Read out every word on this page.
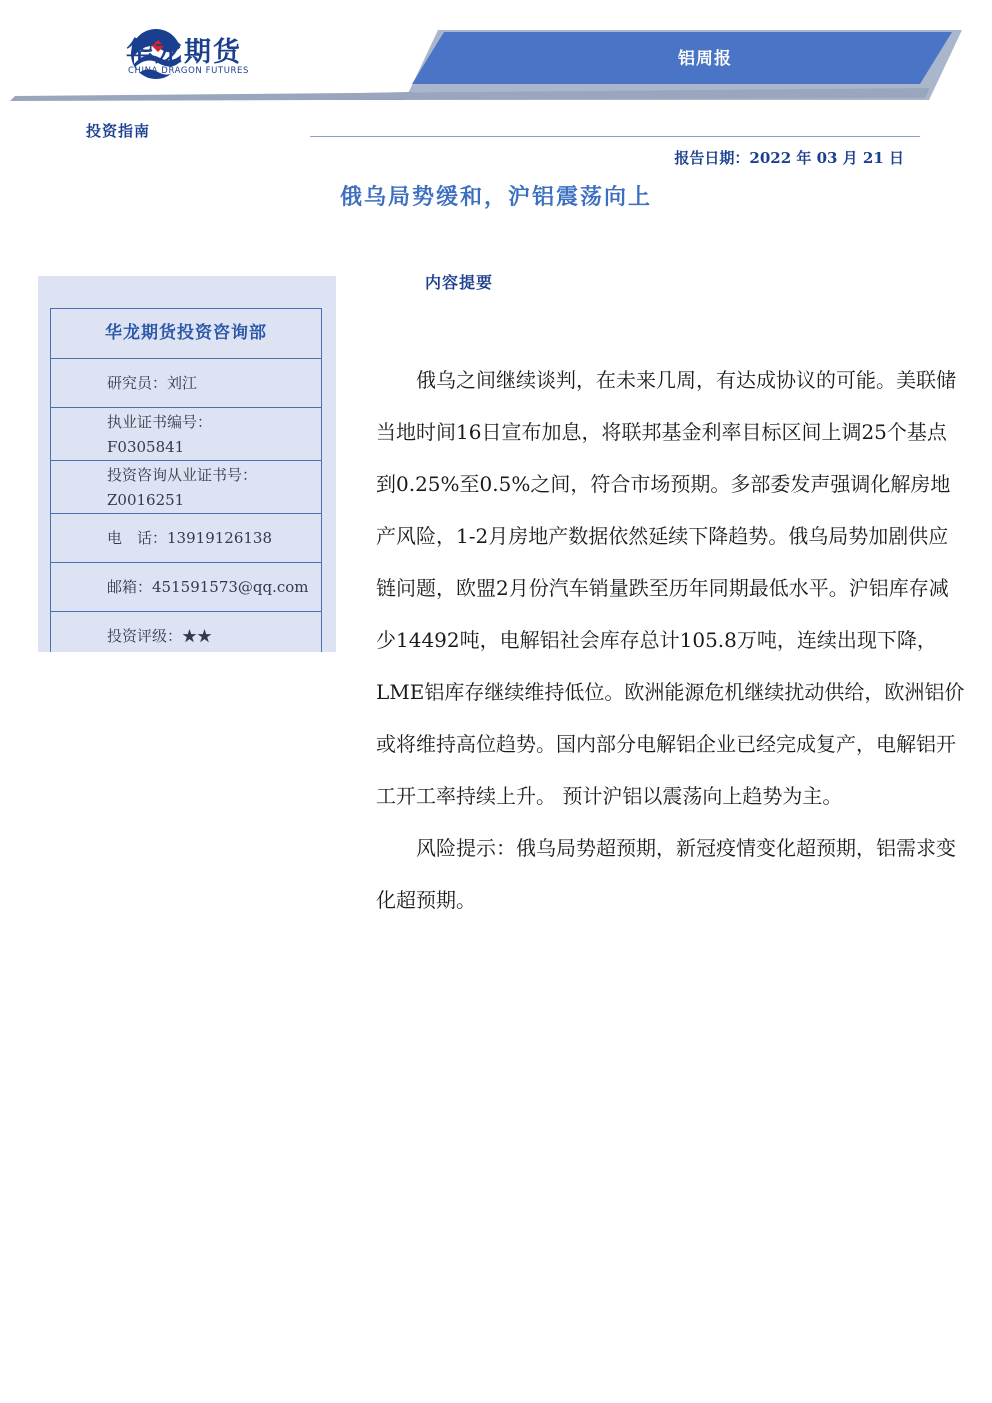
华龙期货
CHINA DRAGON FUTURES
铝周报
投资指南
报告日期：2022 年 03 月 21 日
俄乌局势缓和，沪铝震荡向上
华龙期货投资咨询部
研究员：刘江

执业证书编号：
F0305841

投资咨询从业证书号：
Z0016251

电　话：13919126138
邮箱：451591573@qq.com
投资评级：★★
内容提要

俄乌之间继续谈判，在未来几周，有达成协议的可能。美联储当地时间16日宣布加息，将联邦基金利率目标区间上调25个基点到0.25%至0.5%之间，符合市场预期。多部委发声强调化解房地产风险，1-2月房地产数据依然延续下降趋势。俄乌局势加剧供应链问题，欧盟2月份汽车销量跌至历年同期最低水平。沪铝库存减少14492吨，电解铝社会库存总计105.8万吨，连续出现下降，LME铝库存继续维持低位。欧洲能源危机继续扰动供给，欧洲铝价或将维持高位趋势。国内部分电解铝企业已经完成复产，电解铝开工开工率持续上升。 预计沪铝以震荡向上趋势为主。

风险提示：俄乌局势超预期，新冠疫情变化超预期，铝需求变化超预期。
